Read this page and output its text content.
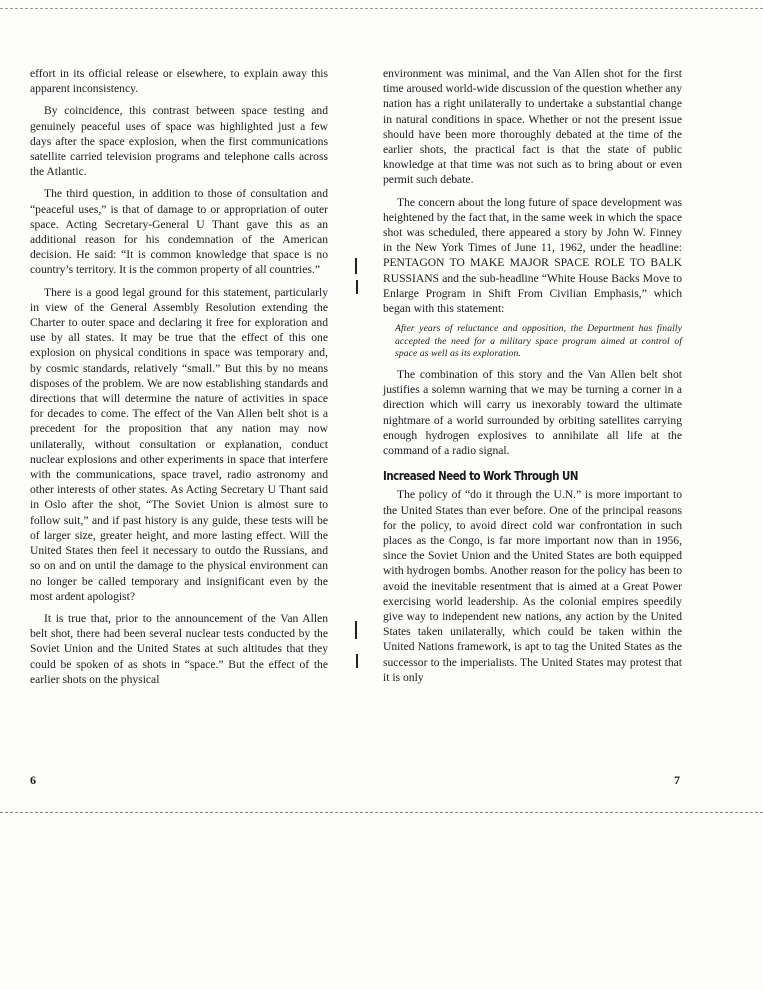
effort in its official release or elsewhere, to explain away this apparent inconsistency.

By coincidence, this contrast between space testing and genuinely peaceful uses of space was highlighted just a few days after the space explosion, when the first communications satellite carried television programs and telephone calls across the Atlantic.

The third question, in addition to those of consultation and “peaceful uses,” is that of damage to or appropriation of outer space. Acting Secretary-General U Thant gave this as an additional reason for his condemnation of the American decision. He said: “It is common knowledge that space is no country’s territory. It is the common property of all countries.”

There is a good legal ground for this statement, particularly in view of the General Assembly Resolution extending the Charter to outer space and declaring it free for exploration and use by all states. It may be true that the effect of this one explosion on physical conditions in space was temporary and, by cosmic standards, relatively “small.” But this by no means disposes of the problem. We are now establishing standards and directions that will determine the nature of activities in space for decades to come. The effect of the Van Allen belt shot is a precedent for the proposition that any nation may now unilaterally, without consultation or explanation, conduct nuclear explosions and other experiments in space that interfere with the communications, space travel, radio astronomy and other interests of other states. As Acting Secretary U Thant said in Oslo after the shot, “The Soviet Union is almost sure to follow suit,” and if past history is any guide, these tests will be of larger size, greater height, and more lasting effect. Will the United States then feel it necessary to outdo the Russians, and so on and on until the damage to the physical environment can no longer be called temporary and insignificant even by the most ardent apologist?

It is true that, prior to the announcement of the Van Allen belt shot, there had been several nuclear tests conducted by the Soviet Union and the United States at such altitudes that they could be spoken of as shots in “space.” But the effect of the earlier shots on the physical

environment was minimal, and the Van Allen shot for the first time aroused world-wide discussion of the question whether any nation has a right unilaterally to undertake a substantial change in natural conditions in space. Whether or not the present issue should have been more thoroughly debated at the time of the earlier shots, the practical fact is that the state of public knowledge at that time was not such as to bring about or even permit such debate.

The concern about the long future of space development was heightened by the fact that, in the same week in which the space shot was scheduled, there appeared a story by John W. Finney in the New York Times of June 11, 1962, under the headline: PENTAGON TO MAKE MAJOR SPACE ROLE TO BALK RUSSIANS and the sub-headline “White House Backs Move to Enlarge Program in Shift From Civilian Emphasis,” which began with this statement:

After years of reluctance and opposition, the Department has finally accepted the need for a military space program aimed at control of space as well as its exploration.

The combination of this story and the Van Allen belt shot justifies a solemn warning that we may be turning a corner in a direction which will carry us inexorably toward the ultimate nightmare of a world surrounded by orbiting satellites carrying enough hydrogen explosives to annihilate all life at the command of a radio signal.

Increased Need to Work Through UN

The policy of “do it through the U.N.” is more important to the United States than ever before. One of the principal reasons for the policy, to avoid direct cold war confrontation in such places as the Congo, is far more important now than in 1956, since the Soviet Union and the United States are both equipped with hydrogen bombs. Another reason for the policy has been to avoid the inevitable resentment that is aimed at a Great Power exercising world leadership. As the colonial empires speedily give way to independent new nations, any action by the United States taken unilaterally, which could be taken within the United Nations framework, is apt to tag the United States as the successor to the imperialists. The United States may protest that it is only

6	7
